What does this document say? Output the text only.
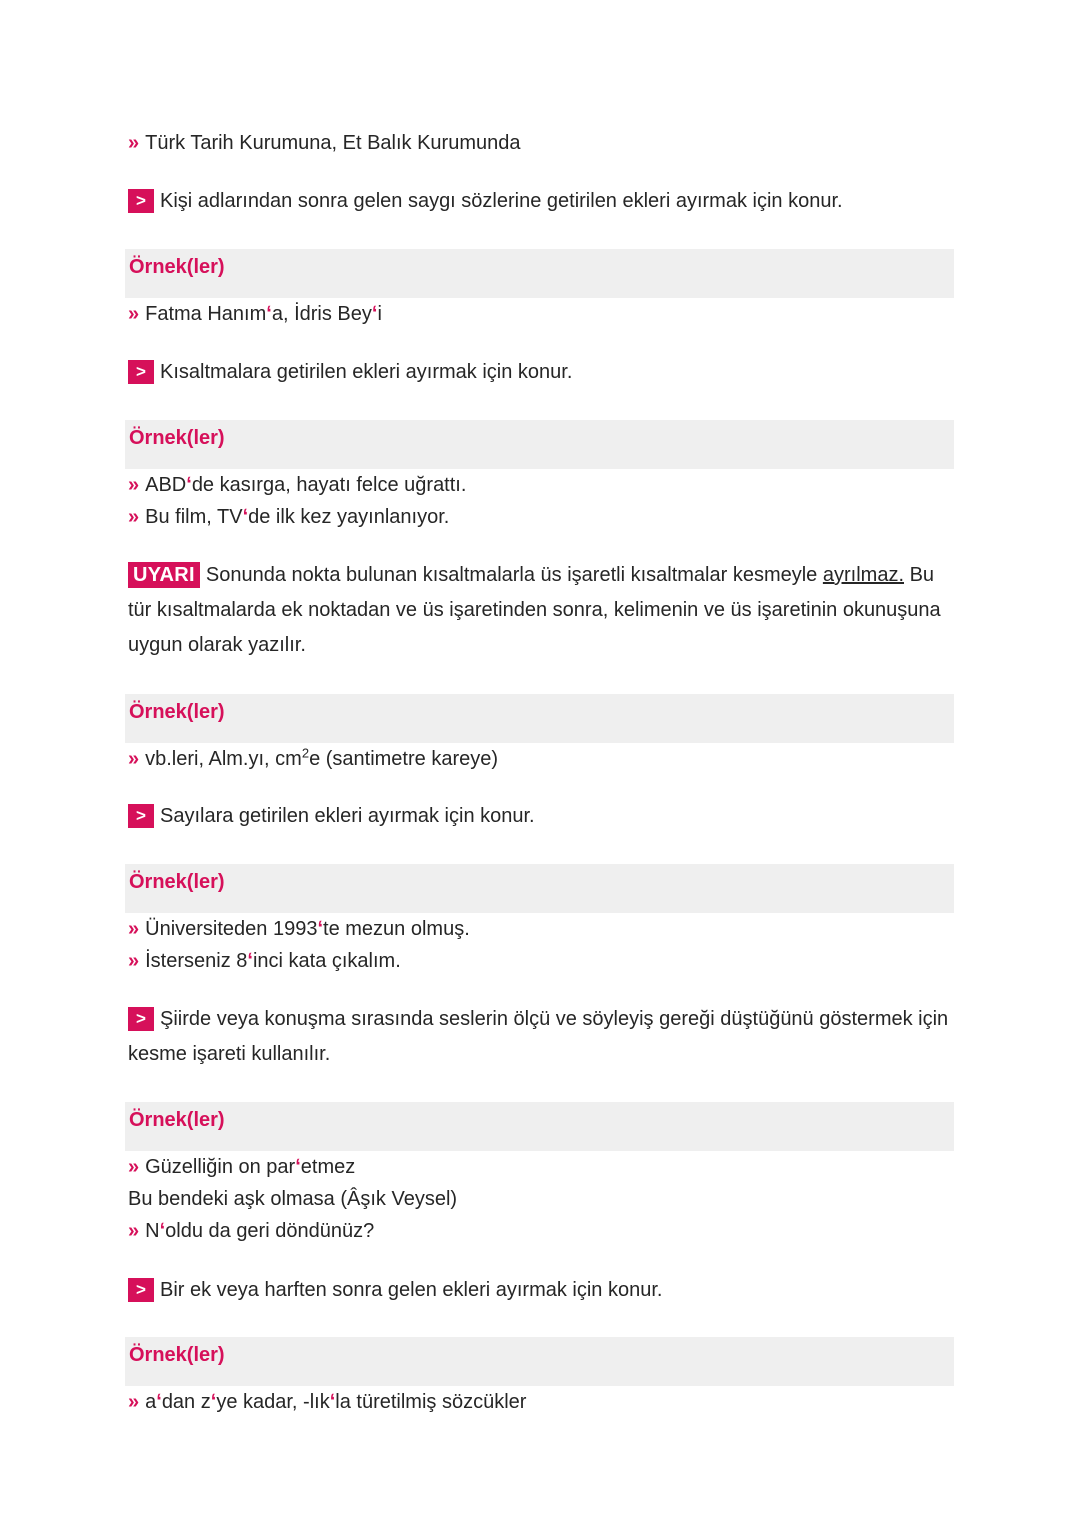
» Türk Tarih Kurumuna, Et Balık Kurumunda
> Kişi adlarından sonra gelen saygı sözlerine getirilen ekleri ayırmak için konur.
Örnek(ler)
» Fatma Hanımʻa, İdris Beyʻi
> Kısaltmalara getirilen ekleri ayırmak için konur.
Örnek(ler)
» ABDʻde kasırga, hayatı felce uğrattı.
» Bu film, TVʻde ilk kez yayınlanıyor.
UYARI Sonunda nokta bulunan kısaltmalarla üs işaretli kısaltmalar kesmeyle ayrılmaz. Bu tür kısaltmalarda ek noktadan ve üs işaretinden sonra, kelimenin ve üs işaretinin okunuşuna uygun olarak yazılır.
Örnek(ler)
» vb.leri, Alm.yı, $cm^2e$ (santimetre kareye)
> Sayılara getirilen ekleri ayırmak için konur.
Örnek(ler)
» Üniversiteden 1993ʻte mezun olmuş.
» İsterseniz 8ʻinci kata çıkalım.
> Şiirde veya konuşma sırasında seslerin ölçü ve söyleyiş gereği düştüğünü göstermek için kesme işareti kullanılır.
Örnek(ler)
» Güzelliğin on parʻetmez
Bu bendeki aşk olmasa (Âşık Veysel)
» Nʻoldu da geri döndünüz?
> Bir ek veya harften sonra gelen ekleri ayırmak için konur.
Örnek(ler)
» aʻdan zʻye kadar, -lıkʻla türetilmiş sözcükler
